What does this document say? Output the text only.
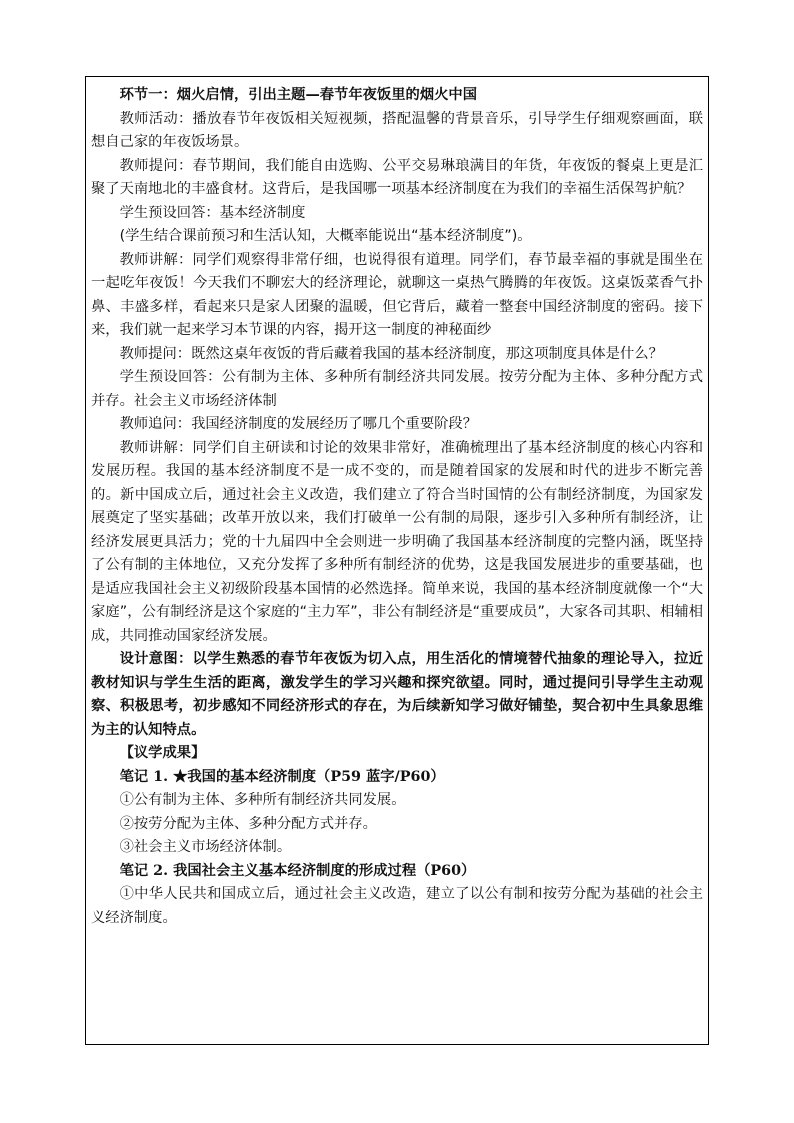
环节一：烟火启情，引出主题—春节年夜饭里的烟火中国

教师活动：播放春节年夜饭相关短视频，搭配温馨的背景音乐，引导学生仔细观察画面，联想自己家的年夜饭场景。

教师提问：春节期间，我们能自由选购、公平交易琳琅满目的年货，年夜饭的餐桌上更是汇聚了天南地北的丰盛食材。这背后，是我国哪一项基本经济制度在为我们的幸福生活保驾护航？

学生预设回答：基本经济制度

(学生结合课前预习和生活认知，大概率能说出“基本经济制度”)。

教师讲解：同学们观察得非常仔细，也说得很有道理。同学们，春节最幸福的事就是围坐在一起吃年夜饭！今天我们不聊宏大的经济理论，就聊这一桌热气腾腾的年夜饭。这桌饭菜香气扑鼻、丰盛多样，看起来只是家人团聚的温暖，但它背后，藏着一整套中国经济制度的密码。接下来，我们就一起来学习本节课的内容，揭开这一制度的神秘面纱

教师提问：既然这桌年夜饭的背后藏着我国的基本经济制度，那这项制度具体是什么？

学生预设回答：公有制为主体、多种所有制经济共同发展。按劳分配为主体、多种分配方式并存。社会主义市场经济体制

教师追问：我国经济制度的发展经历了哪几个重要阶段？

教师讲解：同学们自主研读和讨论的效果非常好，准确梳理出了基本经济制度的核心内容和发展历程。我国的基本经济制度不是一成不变的，而是随着国家的发展和时代的进步不断完善的。新中国成立后，通过社会主义改造，我们建立了符合当时国情的公有制经济制度，为国家发展奠定了坚实基础；改革开放以来，我们打破单一公有制的局限，逐步引入多种所有制经济，让经济发展更具活力；党的十九届四中全会则进一步明确了我国基本经济制度的完整内涵，既坚持了公有制的主体地位，又充分发挥了多种所有制经济的优势，这是我国发展进步的重要基础，也是适应我国社会主义初级阶段基本国情的必然选择。简单来说，我国的基本经济制度就像一个“大家庭”，公有制经济是这个家庭的“主力军”，非公有制经济是“重要成员”，大家各司其职、相辅相成，共同推动国家经济发展。

设计意图：以学生熟悉的春节年夜饭为切入点，用生活化的情境替代抽象的理论导入，拉近教材知识与学生生活的距离，激发学生的学习兴趣和探究欲望。同时，通过提问引导学生主动观察、积极思考，初步感知不同经济形式的存在，为后续新知学习做好铺垫，契合初中生具象思维为主的认知特点。

【议学成果】

笔记 1. ★我国的基本经济制度（P59 蓝字/P60）

①公有制为主体、多种所有制经济共同发展。

②按劳分配为主体、多种分配方式并存。

③社会主义市场经济体制。

笔记 2. 我国社会主义基本经济制度的形成过程（P60）

①中华人民共和国成立后，通过社会主义改造，建立了以公有制和按劳分配为基础的社会主义经济制度。
